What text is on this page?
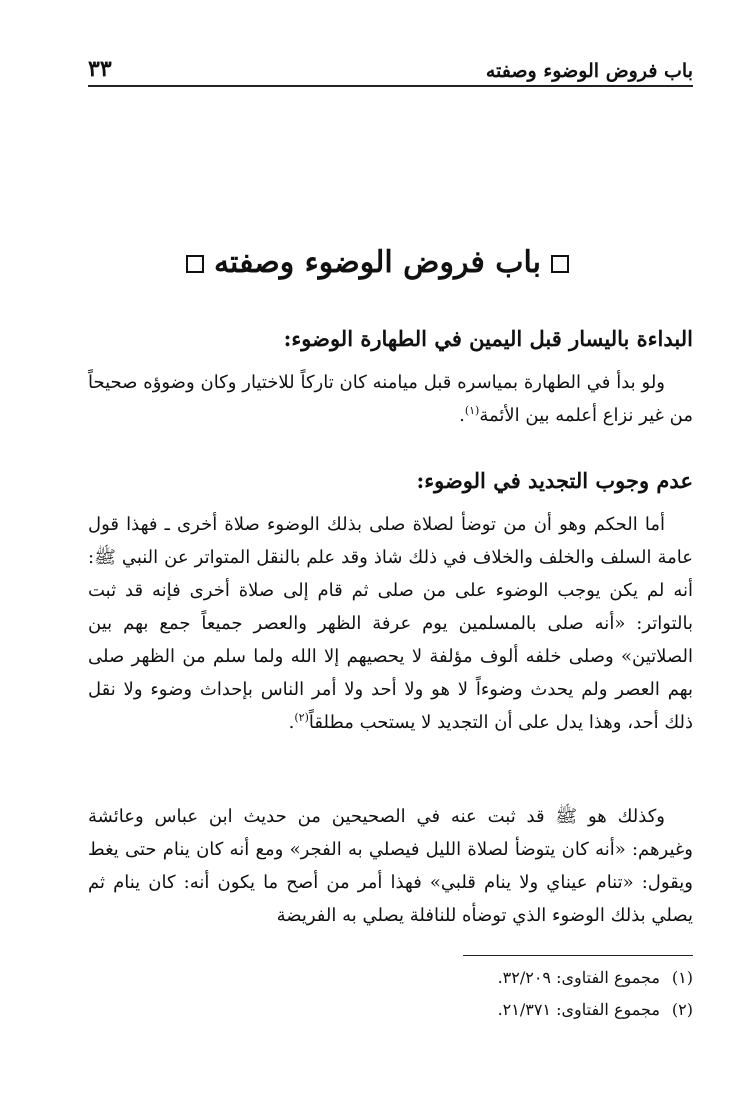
باب فروض الوضوء وصفته
٣٣
باب فروض الوضوء وصفته
البداءة باليسار قبل اليمين في الطهارة الوضوء:
ولو بدأ في الطهارة بمياسره قبل ميامنه كان تاركاً للاختيار وكان وضوؤه صحيحاً من غير نزاع أعلمه بين الأئمة$^{(١)}$.
عدم وجوب التجديد في الوضوء:
أما الحكم وهو أن من توضأ لصلاة صلى بذلك الوضوء صلاة أخرى ـ فهذا قول عامة السلف والخلف والخلاف في ذلك شاذ وقد علم بالنقل المتواتر عن النبي ﷺ: أنه لم يكن يوجب الوضوء على من صلى ثم قام إلى صلاة أخرى فإنه قد ثبت بالتواتر: «أنه صلى بالمسلمين يوم عرفة الظهر والعصر جميعاً جمع بهم بين الصلاتين» وصلى خلفه ألوف مؤلفة لا يحصيهم إلا الله ولما سلم من الظهر صلى بهم العصر ولم يحدث وضوءاً لا هو ولا أحد ولا أمر الناس بإحداث وضوء ولا نقل ذلك أحد، وهذا يدل على أن التجديد لا يستحب مطلقاً$^{(٢)}$.
وكذلك هو ﷺ قد ثبت عنه في الصحيحين من حديث ابن عباس وعائشة وغيرهم: «أنه كان يتوضأ لصلاة الليل فيصلي به الفجر» ومع أنه كان ينام حتى يغط ويقول: «تنام عيناي ولا ينام قلبي» فهذا أمر من أصح ما يكون أنه: كان ينام ثم يصلي بذلك الوضوء الذي توضأه للنافلة يصلي به الفريضة
(١)مجموع الفتاوى: ٣٢/٢٠٩.
(٢)مجموع الفتاوى: ٢١/٣٧١.
